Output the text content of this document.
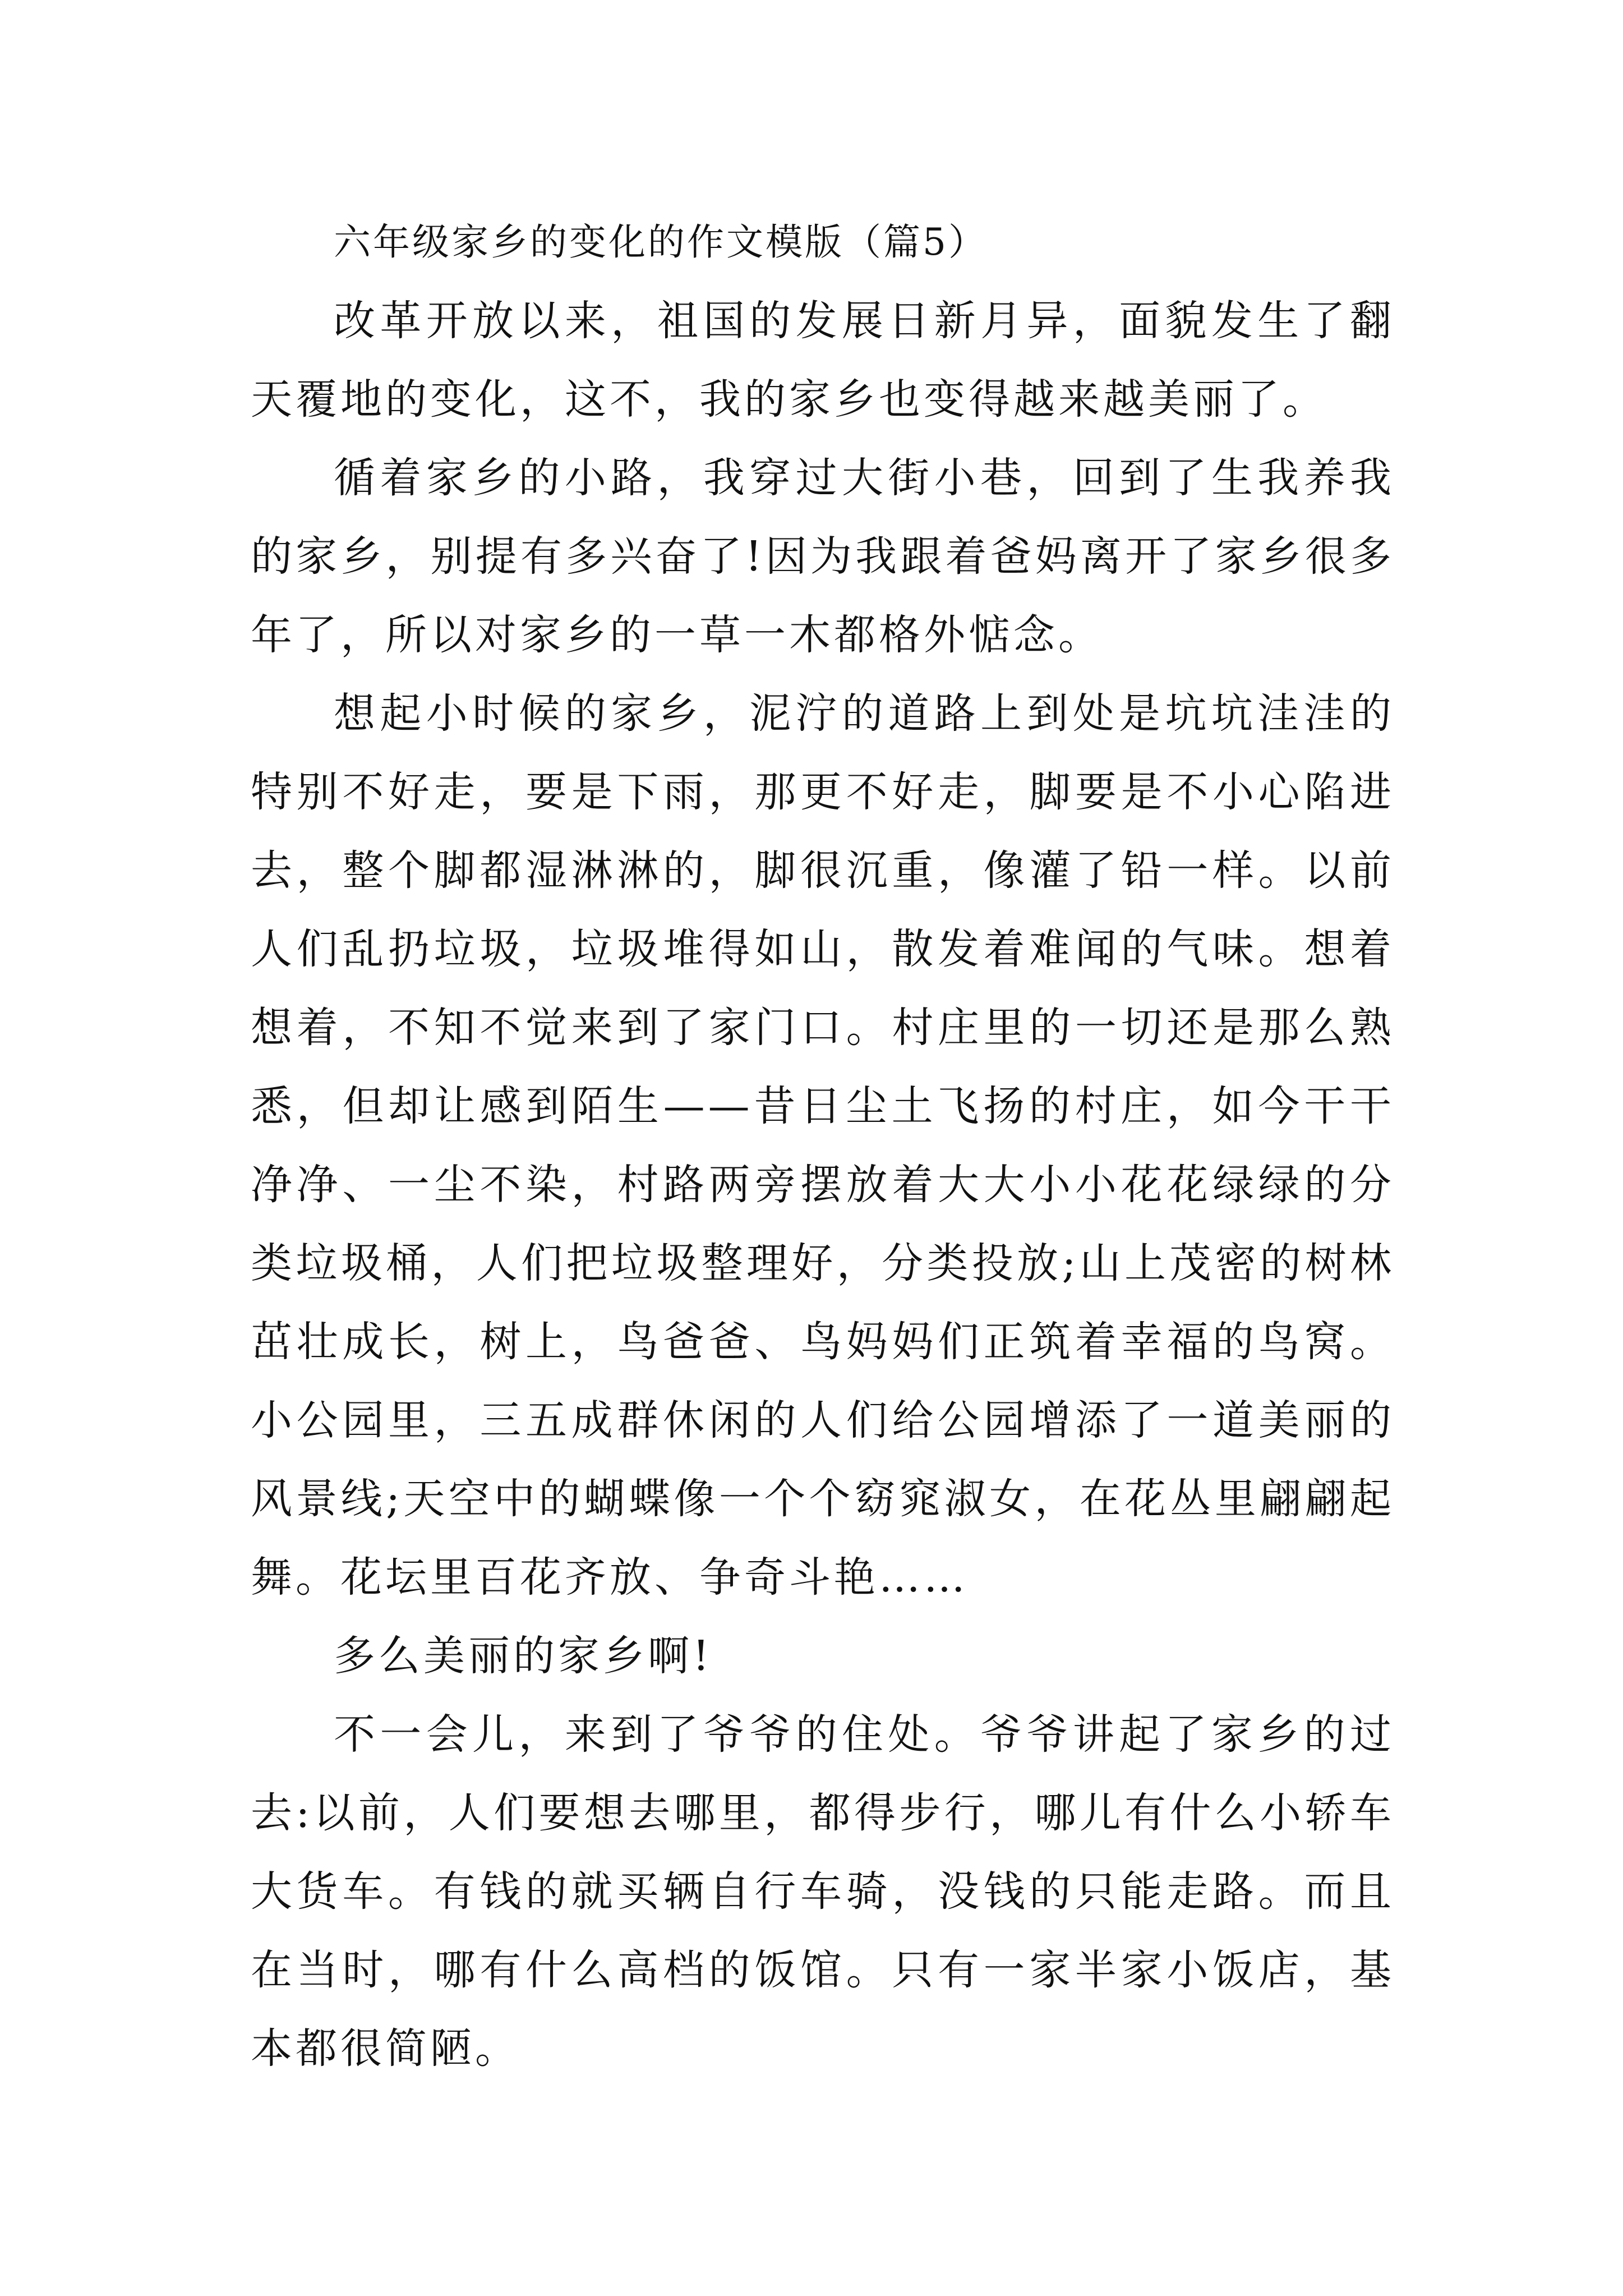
六年级家乡的变化的作文模版（篇5）

改革开放以来，祖国的发展日新月异，面貌发生了翻天覆地的变化，这不，我的家乡也变得越来越美丽了。

循着家乡的小路，我穿过大街小巷，回到了生我养我的家乡，别提有多兴奋了!因为我跟着爸妈离开了家乡很多年了，所以对家乡的一草一木都格外惦念。

想起小时候的家乡，泥泞的道路上到处是坑坑洼洼的特别不好走，要是下雨，那更不好走，脚要是不小心陷进去，整个脚都湿淋淋的，脚很沉重，像灌了铅一样。以前人们乱扔垃圾，垃圾堆得如山，散发着难闻的气味。想着想着，不知不觉来到了家门口。村庄里的一切还是那么熟悉，但却让感到陌生——昔日尘土飞扬的村庄，如今干干净净、一尘不染，村路两旁摆放着大大小小花花绿绿的分类垃圾桶，人们把垃圾整理好，分类投放;山上茂密的树林茁壮成长，树上，鸟爸爸、鸟妈妈们正筑着幸福的鸟窝。小公园里，三五成群休闲的人们给公园增添了一道美丽的风景线;天空中的蝴蝶像一个个窈窕淑女，在花丛里翩翩起舞。花坛里百花齐放、争奇斗艳……

多么美丽的家乡啊!

不一会儿，来到了爷爷的住处。爷爷讲起了家乡的过去:以前，人们要想去哪里，都得步行，哪儿有什么小轿车大货车。有钱的就买辆自行车骑，没钱的只能走路。而且在当时，哪有什么高档的饭馆。只有一家半家小饭店，基本都很简陋。
